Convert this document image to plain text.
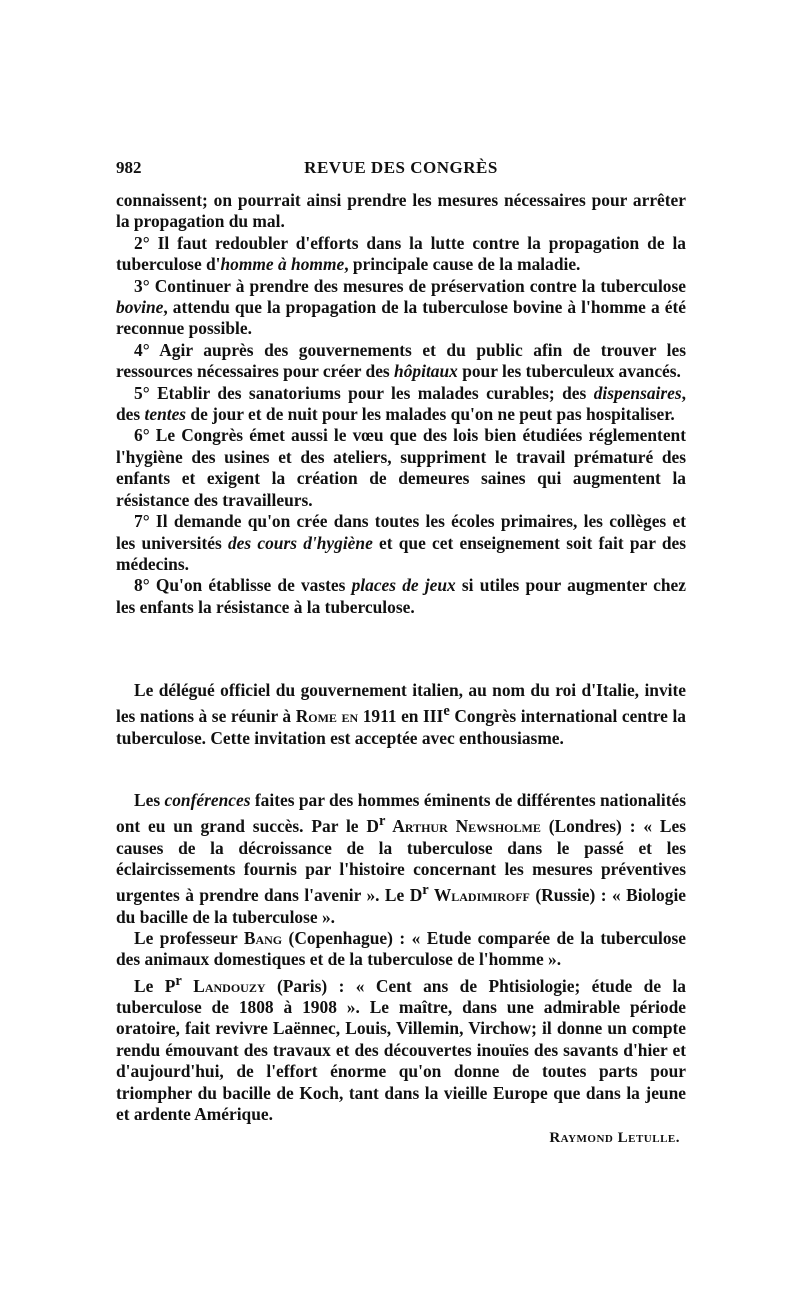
982	REVUE DES CONGRÈS

connaissent; on pourrait ainsi prendre les mesures nécessaires pour arrêter la propagation du mal.

2° Il faut redoubler d'efforts dans la lutte contre la propagation de la tuberculose d'homme à homme, principale cause de la maladie.

3° Continuer à prendre des mesures de préservation contre la tuberculose bovine, attendu que la propagation de la tuberculose bovine à l'homme a été reconnue possible.

4° Agir auprès des gouvernements et du public afin de trouver les ressources nécessaires pour créer des hôpitaux pour les tuberculeux avancés.

5° Etablir des sanatoriums pour les malades curables; des dispensaires, des tentes de jour et de nuit pour les malades qu'on ne peut pas hospitaliser.

6° Le Congrès émet aussi le vœu que des lois bien étudiées réglementent l'hygiène des usines et des ateliers, suppriment le travail prématuré des enfants et exigent la création de demeures saines qui augmentent la résistance des travailleurs.

7° Il demande qu'on crée dans toutes les écoles primaires, les collèges et les universités des cours d'hygiène et que cet enseignement soit fait par des médecins.

8° Qu'on établisse de vastes places de jeux si utiles pour augmenter chez les enfants la résistance à la tuberculose.

Le délégué officiel du gouvernement italien, au nom du roi d'Italie, invite les nations à se réunir à Rome en 1911 en IIIe Congrès international centre la tuberculose. Cette invitation est acceptée avec enthousiasme.

Les conférences faites par des hommes éminents de différentes nationalités ont eu un grand succès. Par le $D^r$ Arthur Newsholme (Londres) : « Les causes de la décroissance de la tuberculose dans le passé et les éclaircissements fournis par l'histoire concernant les mesures préventives urgentes à prendre dans l'avenir ». Le $D^r$ Wladimiroff (Russie) : « Biologie du bacille de la tuberculose ».

Le professeur Bang (Copenhague) : « Etude comparée de la tuberculose des animaux domestiques et de la tuberculose de l'homme ».

Le $P^r$ Landouzy (Paris) : « Cent ans de Phtisiologie; étude de la tuberculose de 1808 à 1908 ». Le maître, dans une admirable période oratoire, fait revivre Laënnec, Louis, Villemin, Virchow; il donne un compte rendu émouvant des travaux et des découvertes inouïes des savants d'hier et d'aujourd'hui, de l'effort énorme qu'on donne de toutes parts pour triompher du bacille de Koch, tant dans la vieille Europe que dans la jeune et ardente Amérique.

Raymond Letulle.
